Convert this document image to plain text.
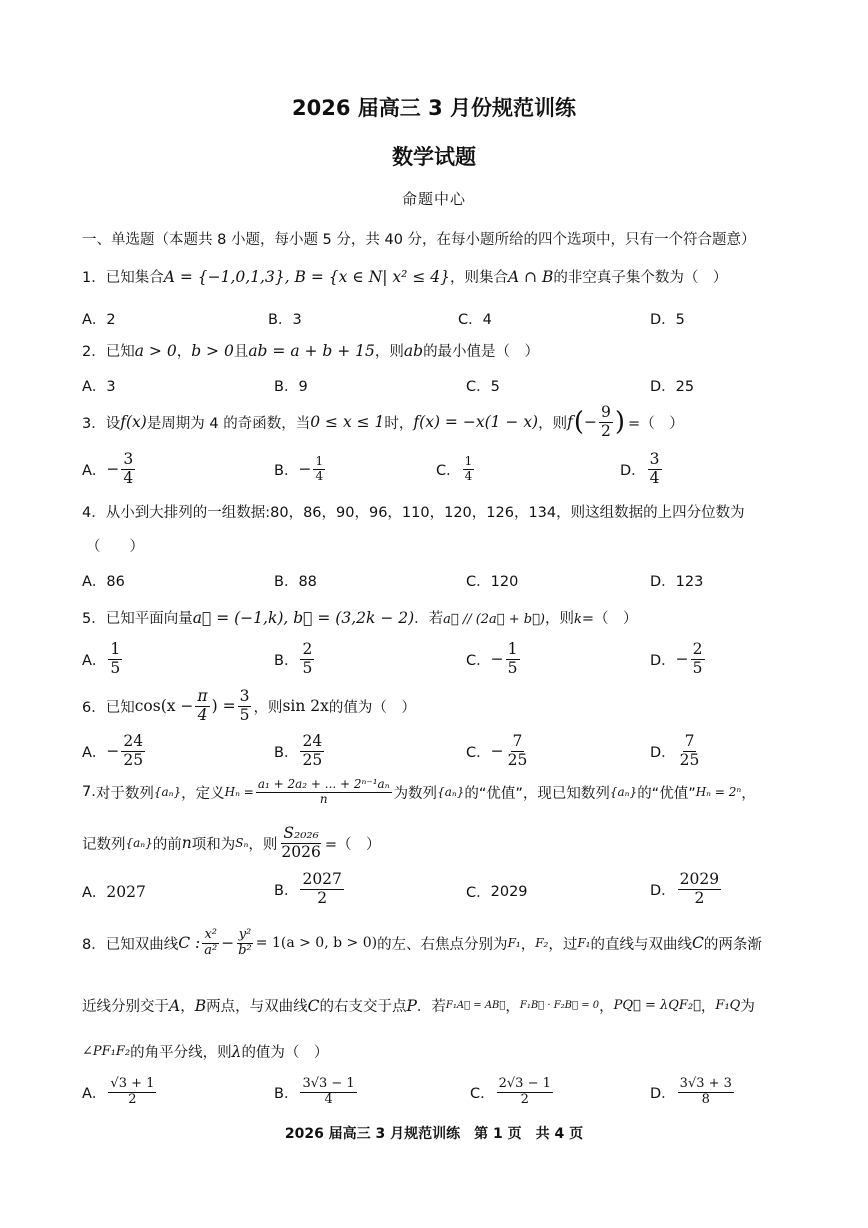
2026 届高三 3 月份规范训练
数学试题
命题中心
一、单选题（本题共 8 小题，每小题 5 分，共 40 分，在每小题所给的四个选项中，只有一个符合题意）
1．已知集合A = {−1,0,1,3}, B = {x ∈ N| x² ≤ 4}，则集合A ∩ B的非空真子集个数为（　）
A．2	B．3	C．4	D．5
2．已知a > 0，b > 0且ab = a + b + 15，则ab的最小值是（　）
A．3	B．9	C．5	D．25
3． 设 f(x) 是周期为 4 的奇函数，当 0 ≤ x ≤ 1 时， f(x) = −x(1 − x) ，则 f ( − $\frac{9}{2}$ ) =（　）
A． − $\frac{3}{4}$	B． − $\frac{1}{4}$	C． $\frac{1}{4}$	D． $\frac{3}{4}$
4．从小到大排列的一组数据:80，86，90，96，110，120，126，134，则这组数据的上四分位数为
（　　）
A．86	B．88	C．120	D．123
5．已知平面向量a⃗ = (−1,k), b⃗ = (3,2k − 2)．若a⃗ // (2a⃗ + b⃗)，则k=（　）
A． $\frac{1}{5}$	B． $\frac{2}{5}$	C． − $\frac{1}{5}$	D． − $\frac{2}{5}$
6． 已知 $\cos(x - \frac{\pi}{4}$ ) = $\frac{3}{5}$ ，则 sin 2x 的值为（　）
A． − $\frac{24}{25}$	B． $\frac{24}{25}$	C． − $\frac{7}{25}$	D． $\frac{7}{25}$
7. 对于数列 {aₙ} ，定义 $H_n = \frac{\text{a₁ + 2a₂ + ... + 2ⁿ⁻¹aₙ}}{n}$ 为数列 {aₙ} 的“优值”，现已知数列 {aₙ} 的“优值” Hₙ = 2ⁿ ，
记数列 {aₙ} 的前 n 项和为 Sₙ ，则 $\frac{\text{S₂₀₂₆}}{2026}$ =（　）
A． 2027	B． $\frac{2027}{2}$	C． 2029	D． $\frac{2029}{2}$
8． 已知双曲线 C : $\frac{\text{x²}}{\text{a²}} - \frac{\text{y²}}{\text{b²}} = 1(a > 0$, b > 0) 的左、右焦点分别为 F₁ ， F₂ ，过 F₁ 的直线与双曲线 C 的两条渐
近线分别交于 A ， B 两点，与双曲线 C 的右支交于点 P ．若 F₁A⃗ = AB⃗ ， F₁B⃗ · F₂B⃗ = 0 ， PQ⃗ = λQF₂⃗ ， F₁Q 为
∠PF₁F₂ 的角平分线，则 λ 的值为（　）
A． $\frac{√3 + 1}{2}$	B． $\frac{3√3 - 1}{4}$	C． $\frac{2√3 - 1}{2}$	D． $\frac{3√3 + 3}{8}$
2026 届高三 3 月规范训练　第 1 页　共 4 页
